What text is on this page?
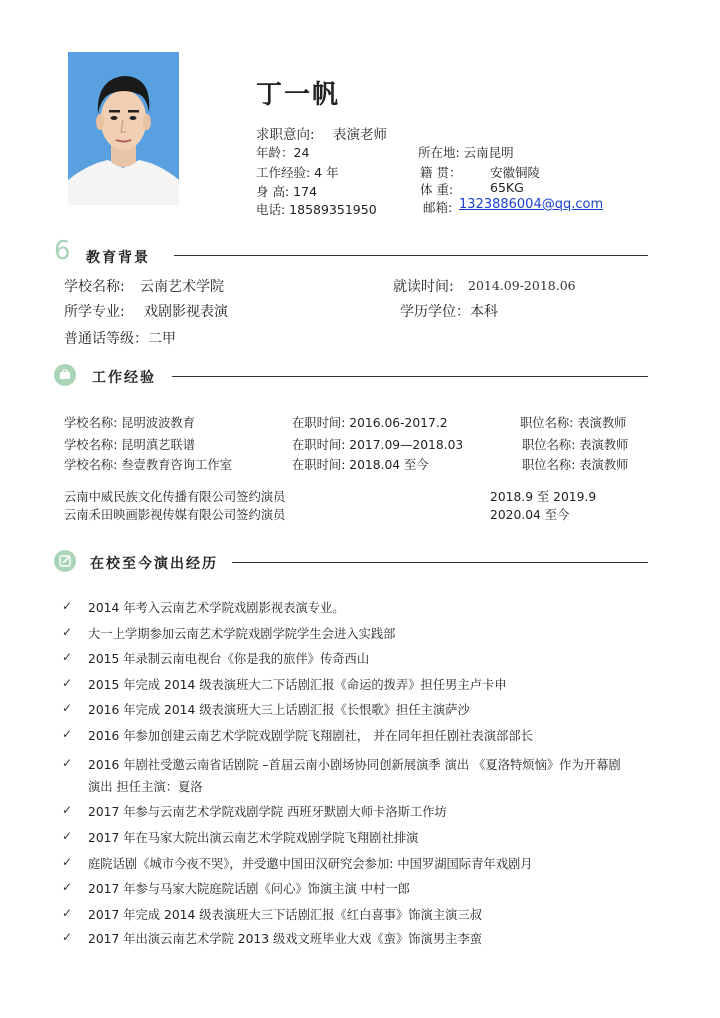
丁一帆
求职意向: 表演老师
年龄：24	所在地: 云南昆明
工作经验: 4 年	籍 贯： 安徽铜陵
身 高: 174	体 重:	65KG
电话: 18589351950	邮箱: 1323886004@qq.com
6 教育背景
学校名称: 云南艺术学院	就读时间: 2014.09-2018.06
所学专业: 戏剧影视表演	学历学位：本科
普通话等级：二甲
工作经验
学校名称: 昆明波波教育	在职时间: 2016.06-2017.2	职位名称: 表演教师
学校名称: 昆明滇艺联谱	在职时间: 2017.09—2018.03	职位名称: 表演教师
学校名称: 叁壹教育咨询工作室	在职时间: 2018.04 至今	职位名称: 表演教师
云南中威民族文化传播有限公司签约演员	2018.9 至 2019.9
云南禾田映画影视传媒有限公司签约演员	2020.04 至今
在校至今演出经历
✓ 2014 年考入云南艺术学院戏剧影视表演专业。
✓ 大一上学期参加云南艺术学院戏剧学院学生会进入实践部
✓ 2015 年录制云南电视台《你是我的旅伴》传奇西山
✓ 2015 年完成 2014 级表演班大二下话剧汇报《命运的拨弄》担任男主卢卡申
✓ 2016 年完成 2014 级表演班大三上话剧汇报《长恨歌》担任主演萨沙
✓ 2016 年参加创建云南艺术学院戏剧学院飞翔剧社， 并在同年担任剧社表演部部长
✓ 2016 年剧社受邀云南省话剧院 –首届云南小剧场协同创新展演季 演出 《夏洛特烦恼》作为开幕剧
演出 担任主演：夏洛
✓ 2017 年参与云南艺术学院戏剧学院 西班牙默剧大师卡洛斯工作坊
✓ 2017 年在马家大院出演云南艺术学院戏剧学院飞翔剧社排演
✓ 庭院话剧《城市今夜不哭》，并受邀中国田汉研究会参加: 中国罗湖国际青年戏剧月
✓ 2017 年参与马家大院庭院话剧《问心》饰演主演 中村一郎
✓ 2017 年完成 2014 级表演班大三下话剧汇报《红白喜事》饰演主演三叔
✓ 2017 年出演云南艺术学院 2013 级戏文班毕业大戏《蛮》饰演男主李蛮
